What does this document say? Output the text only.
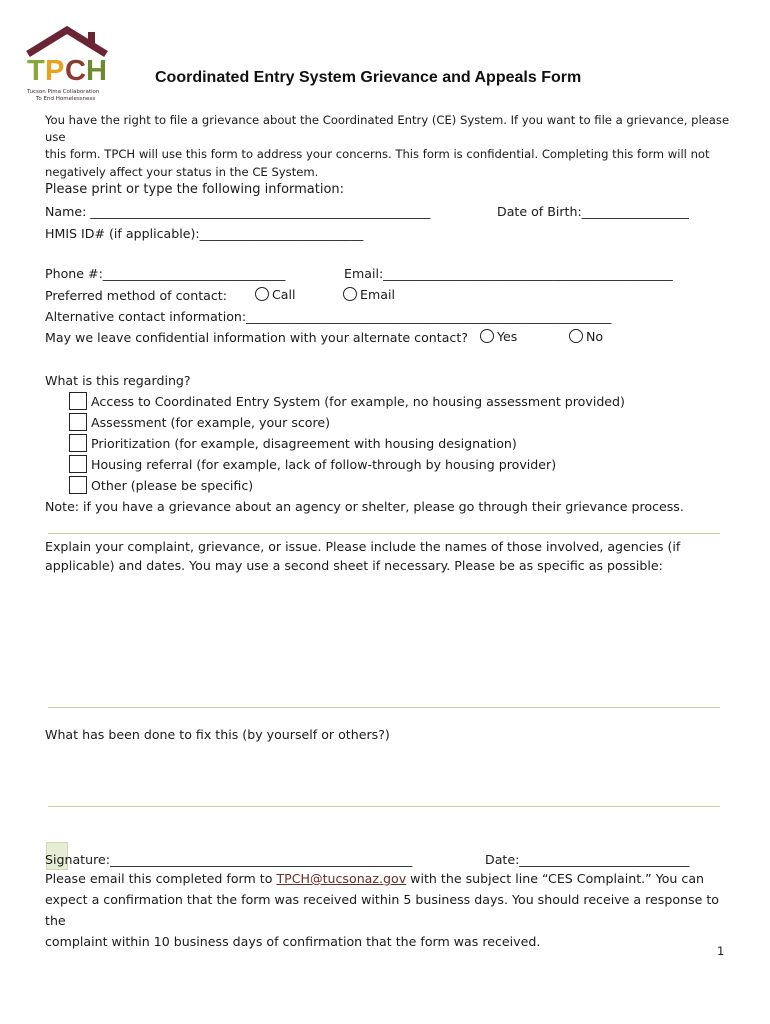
T P C H
Tucson Pima Collaboration
To End Homelessness
Coordinated Entry System Grievance and Appeals Form
You have the right to file a grievance about the Coordinated Entry (CE) System. If you want to file a grievance, please use
this form. TPCH will use this form to address your concerns. This form is confidential. Completing this form will not
negatively affect your status in the CE System.
Please print or type the following information:
Name: ______________________________________________________	Date of Birth:_________________
HMIS ID# (if applicable):__________________________
Phone #:_____________________________	Email:______________________________________________
Preferred method of contact:	Call	Email
Alternative contact information:__________________________________________________________
May we leave confidential information with your alternate contact?	Yes	No
What is this regarding?
Access to Coordinated Entry System (for example, no housing assessment provided)
Assessment (for example, your score)
Prioritization (for example, disagreement with housing designation)
Housing referral (for example, lack of follow-through by housing provider)
Other (please be specific)
Note: if you have a grievance about an agency or shelter, please go through their grievance process.
Explain your complaint, grievance, or issue. Please include the names of those involved, agencies (if
applicable) and dates. You may use a second sheet if necessary. Please be as specific as possible:
What has been done to fix this (by yourself or others?)
Signature:________________________________________________	Date:___________________________
Please email this completed form to TPCH@tucsonaz.gov with the subject line “CES Complaint.” You can
expect a confirmation that the form was received within 5 business days. You should receive a response to the
complaint within 10 business days of confirmation that the form was received.
1
